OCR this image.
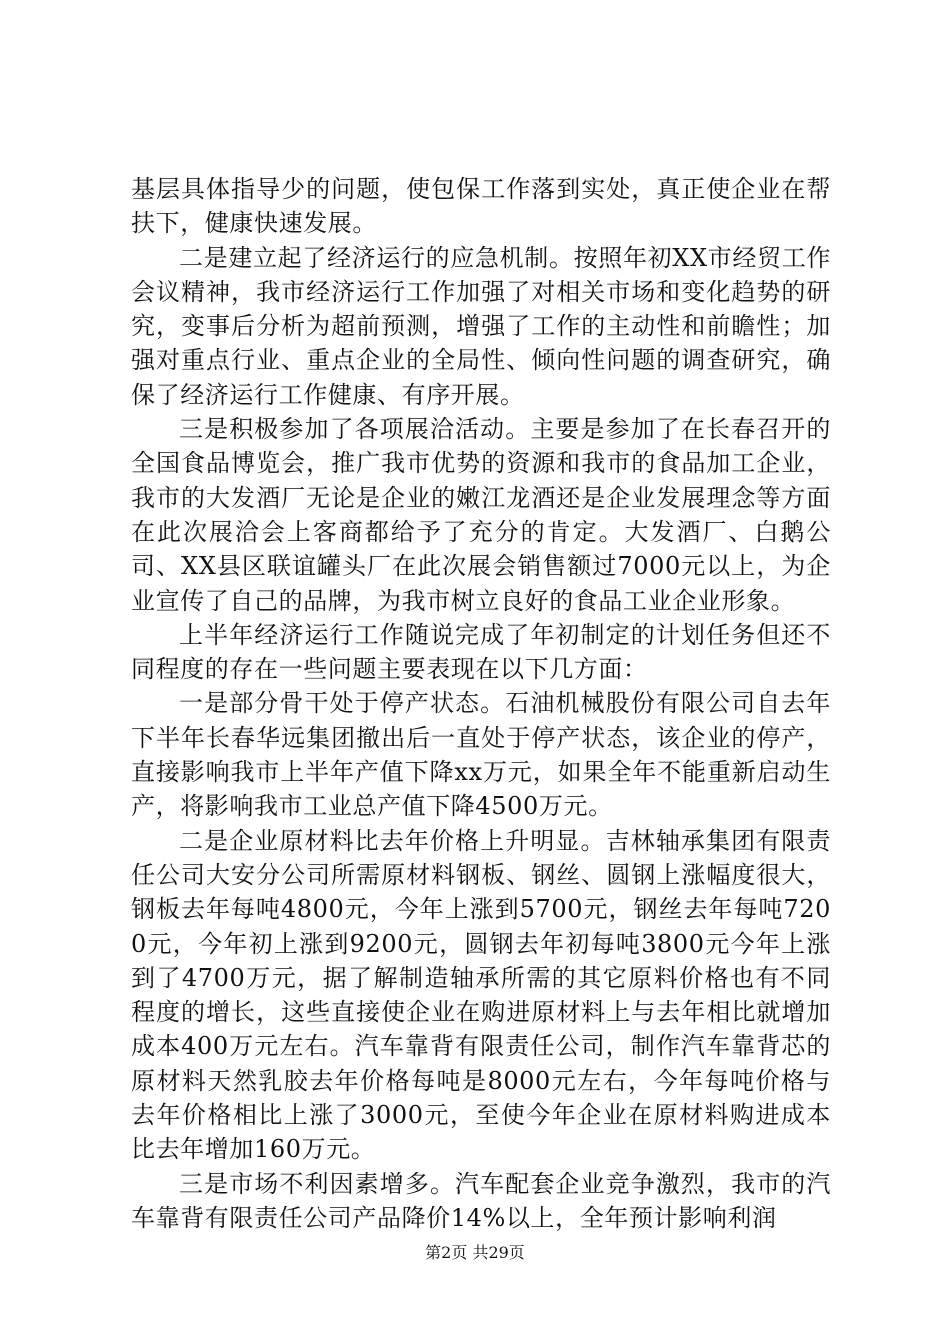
基层具体指导少的问题，使包保工作落到实处，真正使企业在帮扶下，健康快速发展。

二是建立起了经济运行的应急机制。按照年初XX市经贸工作会议精神，我市经济运行工作加强了对相关市场和变化趋势的研究，变事后分析为超前预测，增强了工作的主动性和前瞻性；加强对重点行业、重点企业的全局性、倾向性问题的调查研究，确保了经济运行工作健康、有序开展。

三是积极参加了各项展洽活动。主要是参加了在长春召开的全国食品博览会，推广我市优势的资源和我市的食品加工企业，我市的大发酒厂无论是企业的嫩江龙酒还是企业发展理念等方面在此次展洽会上客商都给予了充分的肯定。大发酒厂、白鹅公司、XX县区联谊罐头厂在此次展会销售额过7000元以上，为企业宣传了自己的品牌，为我市树立良好的食品工业企业形象。

上半年经济运行工作随说完成了年初制定的计划任务但还不同程度的存在一些问题主要表现在以下几方面：

一是部分骨干处于停产状态。石油机械股份有限公司自去年下半年长春华远集团撤出后一直处于停产状态，该企业的停产，直接影响我市上半年产值下降xx万元，如果全年不能重新启动生产，将影响我市工业总产值下降4500万元。

二是企业原材料比去年价格上升明显。吉林轴承集团有限责任公司大安分公司所需原材料钢板、钢丝、圆钢上涨幅度很大，钢板去年每吨4800元，今年上涨到5700元，钢丝去年每吨7200元，今年初上涨到9200元，圆钢去年初每吨3800元今年上涨到了4700万元，据了解制造轴承所需的其它原料价格也有不同程度的增长，这些直接使企业在购进原材料上与去年相比就增加成本400万元左右。汽车靠背有限责任公司，制作汽车靠背芯的原材料天然乳胶去年价格每吨是8000元左右，今年每吨价格与去年价格相比上涨了3000元，至使今年企业在原材料购进成本比去年增加160万元。

三是市场不利因素增多。汽车配套企业竞争激烈，我市的汽车靠背有限责任公司产品降价14%以上，全年预计影响利润

第2页 共29页
